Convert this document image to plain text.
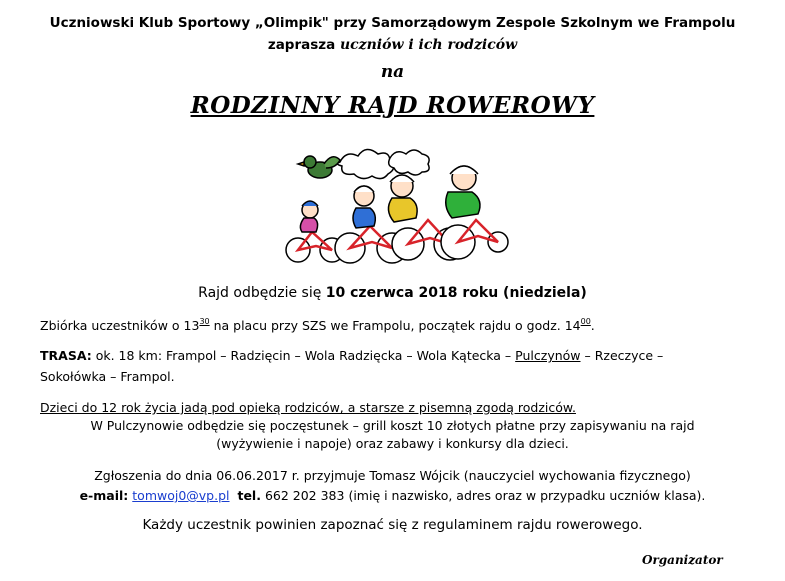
Uczniowski Klub Sportowy „Olimpik" przy Samorządowym Zespole Szkolnym we Frampolu
zaprasza uczniów i ich rodziców
na
RODZINNY RAJD ROWEROWY
Rajd odbędzie się 10 czerwca 2018 roku (niedziela)
Zbiórka uczestników o $13^{30}$ na placu przy SZS we Frampolu, początek rajdu o godz. $14^{00}$.
TRASA: ok. 18 km: Frampol – Radzięcin – Wola Radzięcka – Wola Kątecka – Pulczynów – Rzeczyce –
Sokołówka – Frampol.
Dzieci do 12 rok życia jadą pod opieką rodziców, a starsze z pisemną zgodą rodziców.
W Pulczynowie odbędzie się poczęstunek – grill koszt 10 złotych płatne przy zapisywaniu na rajd
(wyżywienie i napoje) oraz zabawy i konkursy dla dzieci.
Zgłoszenia do dnia 06.06.2017 r. przyjmuje Tomasz Wójcik (nauczyciel wychowania fizycznego)
e-mail: tomwoj0@vp.pl tel. 662 202 383 (imię i nazwisko, adres oraz w przypadku uczniów klasa).
Każdy uczestnik powinien zapoznać się z regulaminem rajdu rowerowego.
Organizator
